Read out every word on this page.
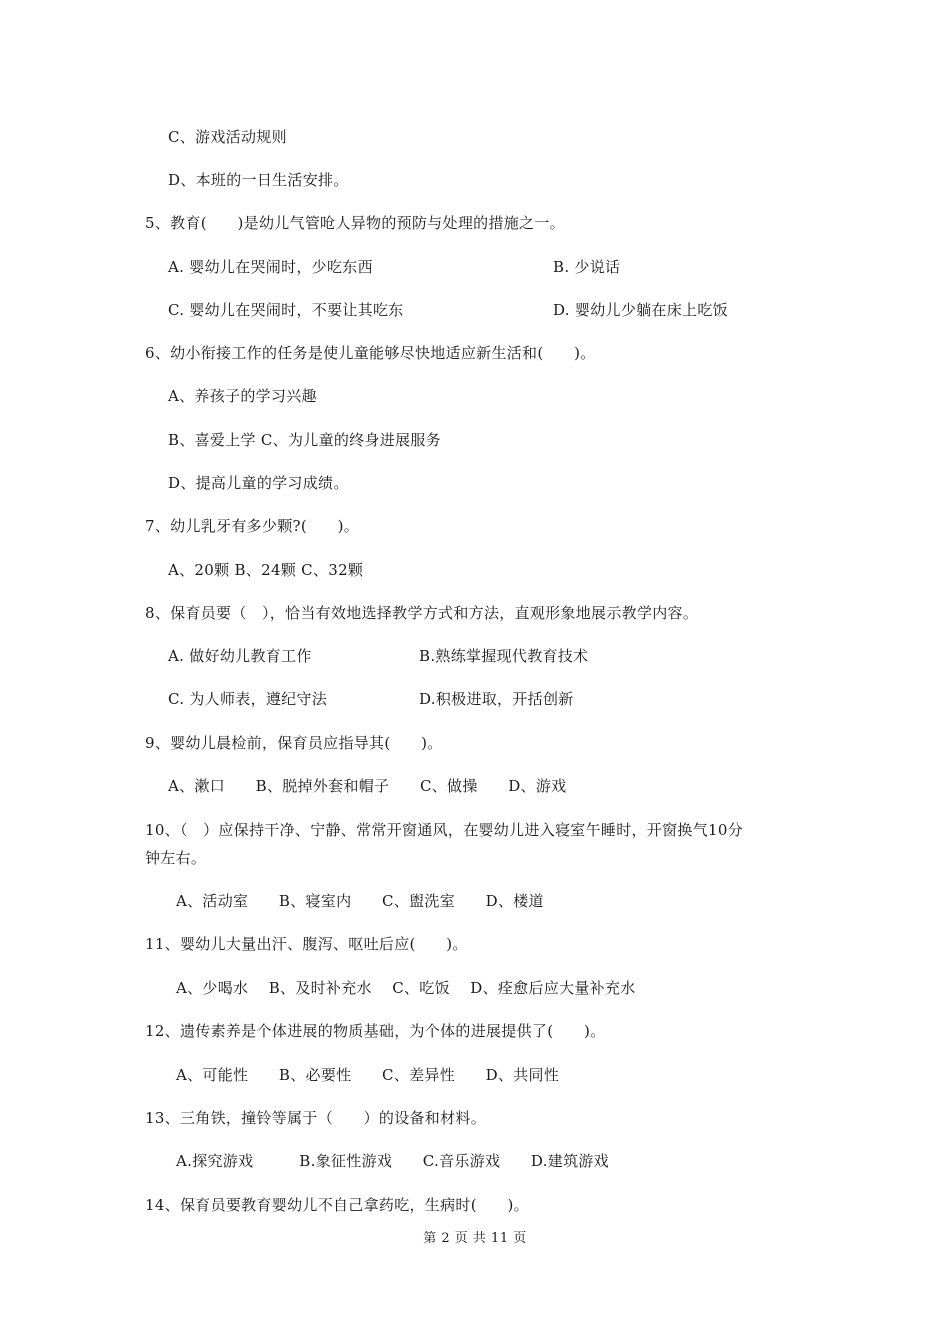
C、游戏活动规则
D、本班的一日生活安排。
5、教育(　　)是幼儿气管呛人异物的预防与处理的措施之一。
A. 婴幼儿在哭闹时，少吃东西	B. 少说话
C. 婴幼儿在哭闹时，不要让其吃东	D. 婴幼儿少躺在床上吃饭
6、幼小衔接工作的任务是使儿童能够尽快地适应新生活和(　　)。
A、养孩子的学习兴趣
B、喜爱上学 C、为儿童的终身进展服务
D、提高儿童的学习成绩。
7、幼儿乳牙有多少颗?(　　)。
A、20颗 B、24颗 C、32颗
8、保育员要（　），恰当有效地选择教学方式和方法，直观形象地展示教学内容。
A. 做好幼儿教育工作	B.熟练掌握现代教育技术
C. 为人师表，遵纪守法	D.积极进取，开括创新
9、婴幼儿晨检前，保育员应指导其(　　)。
A、漱口　　B、脱掉外套和帽子　　C、做操　　D、游戏
10、（　）应保持干净、宁静、常常开窗通风，在婴幼儿进入寝室午睡时，开窗换气10分
钟左右。
A、活动室　　B、寝室内　　C、盥洗室　　D、楼道
11、婴幼儿大量出汗、腹泻、呕吐后应(　　)。
A、少喝水　 B、及时补充水　 C、吃饭　 D、痊愈后应大量补充水
12、遗传素养是个体进展的物质基础，为个体的进展提供了(　　)。
A、可能性　　B、必要性　　C、差异性　　D、共同性
13、三角铁，撞铃等属于（　　）的设备和材料。
A.探究游戏　　　B.象征性游戏　　C.音乐游戏　　D.建筑游戏
14、保育员要教育婴幼儿不自己拿药吃，生病时(　　)。
第 2 页 共 11 页
